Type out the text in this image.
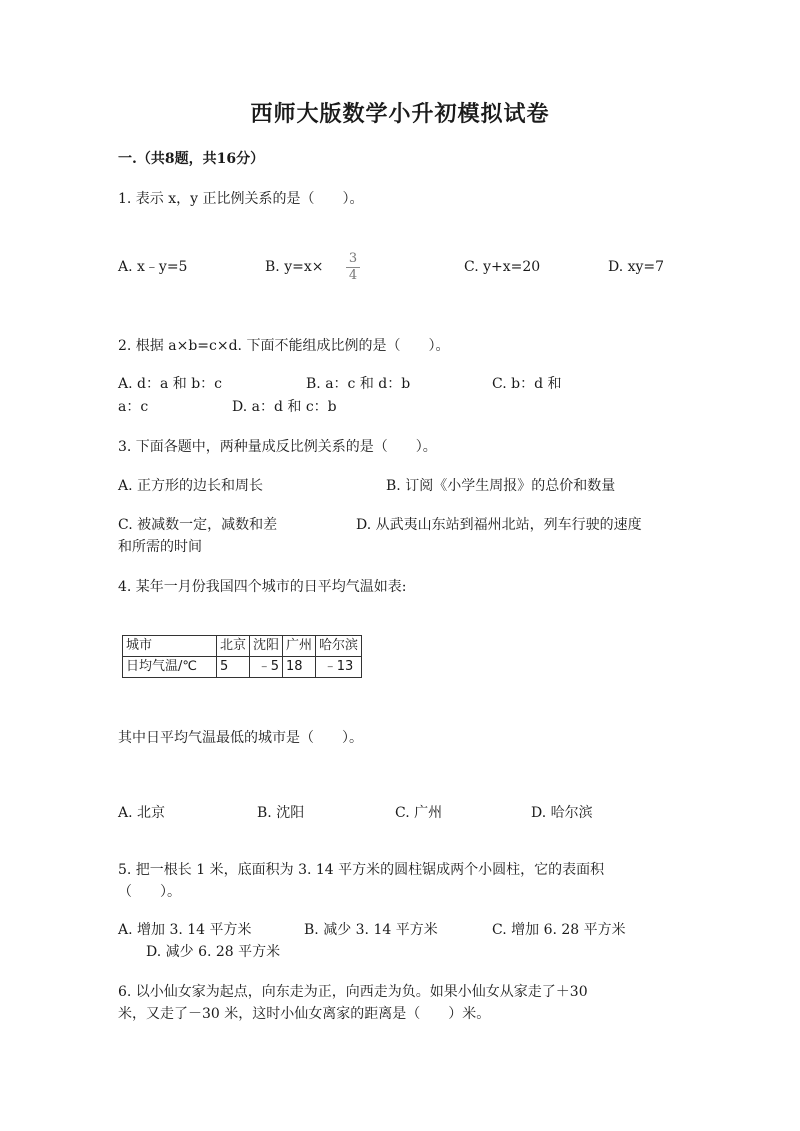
西师大版数学小升初模拟试卷
一.（共8题，共16分）
1. 表示 x，y 正比例关系的是（　　）。
A. x﹣y=5	B. y=x×
3
4
C. y+x=20	D. xy=7
2. 根据 a×b=c×d. 下面不能组成比例的是（　　）。
A. d：a 和 b：c	B. a：c 和 d：b	C. b：d 和
a：c	D. a：d 和 c：b
3. 下面各题中，两种量成反比例关系的是（　　）。
A. 正方形的边长和周长	B. 订阅《小学生周报》的总价和数量
C. 被减数一定，减数和差	D. 从武夷山东站到福州北站，列车行驶的速度
和所需的时间
4. 某年一月份我国四个城市的日平均气温如表:
城市	北京	沈阳	广州	哈尔滨
日均气温/℃	5	﹣5	18	﹣13
其中日平均气温最低的城市是（　　）。
A. 北京	B. 沈阳	C. 广州	D. 哈尔滨
5. 把一根长 1 米，底面积为 3. 14 平方米的圆柱锯成两个小圆柱，它的表面积
（　　）。
A. 增加 3. 14 平方米	B. 减少 3. 14 平方米	C. 增加 6. 28 平方米
D. 减少 6. 28 平方米
6. 以小仙女家为起点，向东走为正，向西走为负。如果小仙女从家走了＋30
米，又走了－30 米，这时小仙女离家的距离是（　　）米。
